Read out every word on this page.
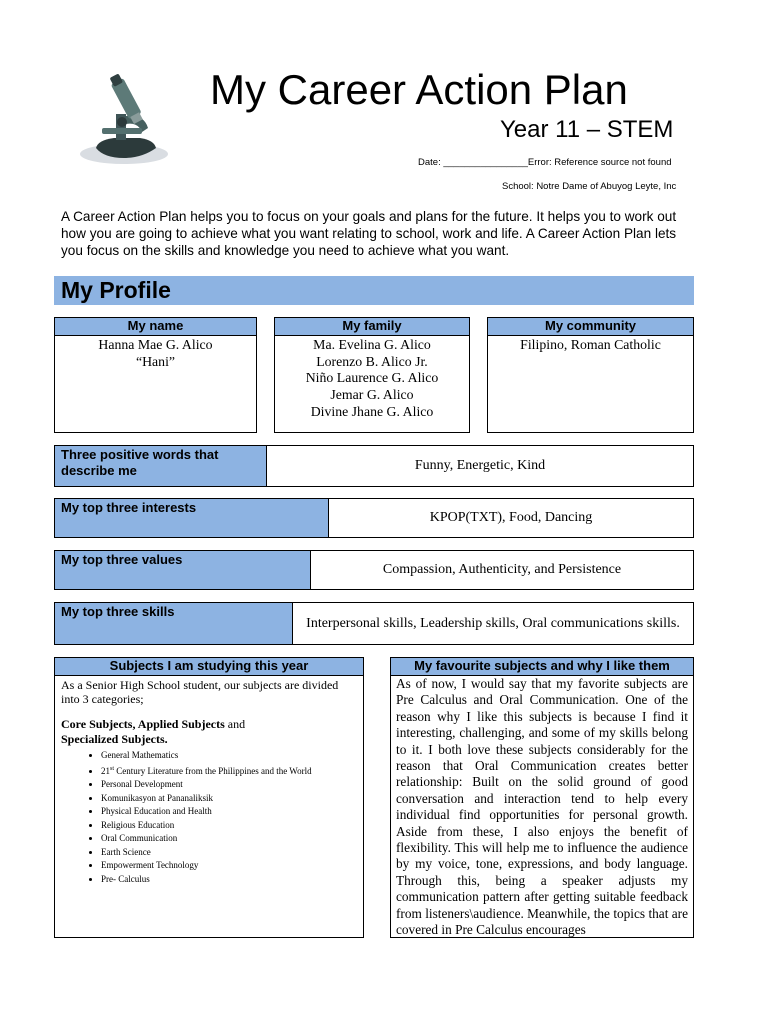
My Career Action Plan
Year 11 – STEM
Date: ________________Error: Reference source not found
School: Notre Dame of Abuyog Leyte, Inc
A Career Action Plan helps you to focus on your goals and plans for the future. It helps you to work out how you are going to achieve what you want relating to school, work and life. A Career Action Plan lets you focus on the skills and knowledge you need to achieve what you want.
My Profile
My name
Hanna Mae G. Alico
“Hani”
My family
Ma. Evelina G. Alico
Lorenzo B. Alico Jr.
Niño Laurence G. Alico
Jemar G. Alico
Divine Jhane G. Alico
My community
Filipino, Roman Catholic
Three positive words that describe me	Funny, Energetic, Kind
My top three interests
KPOP(TXT), Food, Dancing
My top three values
Compassion, Authenticity, and Persistence
My top three skills
Interpersonal skills, Leadership skills, Oral communications skills.
Subjects I am studying this year
As a Senior High School student, our subjects are divided into 3 categories;
Core Subjects, Applied Subjects and
Specialized Subjects.
• General Mathematics
• 21st Century Literature from the Philippines and the World
• Personal Development
• Komunikasyon at Pananaliksik
• Physical Education and Health
• Religious Education
• Oral Communication
• Earth Science
• Empowerment Technology
• Pre- Calculus
My favourite subjects and why I like them
As of now, I would say that my favorite subjects are Pre Calculus and Oral Communication. One of the reason why I like this subjects is because I find it interesting, challenging, and some of my skills belong to it. I both love these subjects considerably for the reason that Oral Communication creates better relationship: Built on the solid ground of good conversation and interaction tend to help every individual find opportunities for personal growth. Aside from these, I also enjoys the benefit of flexibility. This will help me to influence the audience by my voice, tone, expressions, and body language. Through this, being a speaker adjusts my communication pattern after getting suitable feedback from listeners\audience. Meanwhile, the topics that are covered in Pre Calculus encourages
